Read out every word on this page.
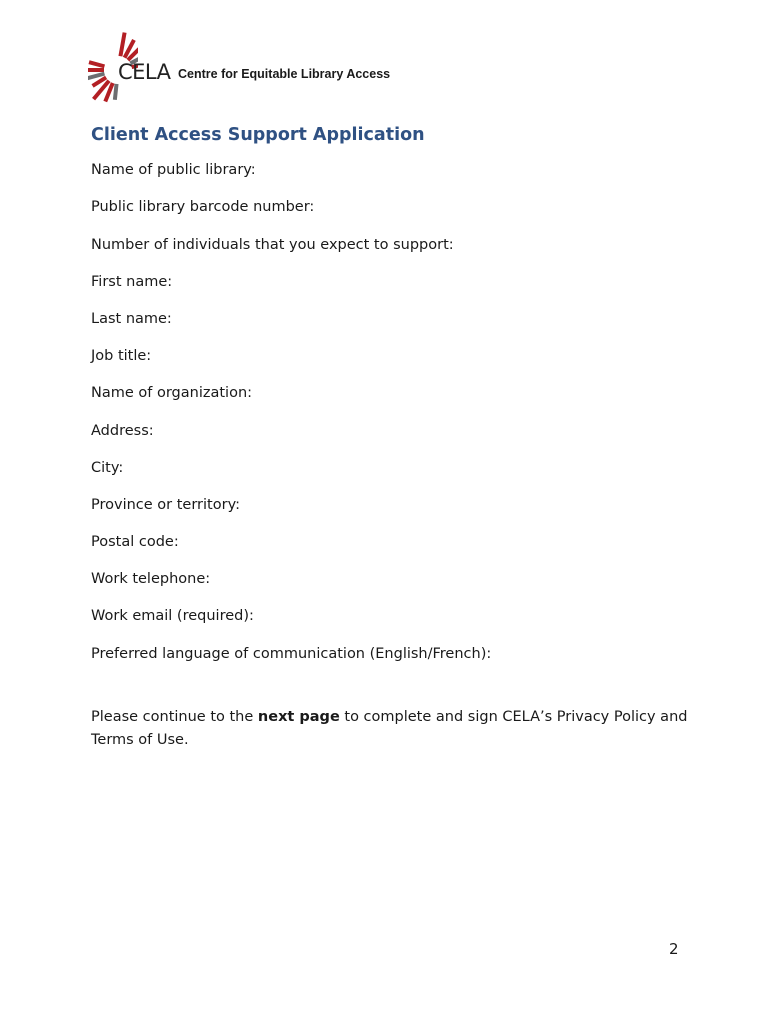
CELA Centre for Equitable Library Access
Client Access Support Application
Name of public library:
Public library barcode number:
Number of individuals that you expect to support:
First name:
Last name:
Job title:
Name of organization:
Address:
City:
Province or territory:
Postal code:
Work telephone:
Work email (required):
Preferred language of communication (English/French):
Please continue to the next page to complete and sign CELA’s Privacy Policy and Terms of Use.
2
